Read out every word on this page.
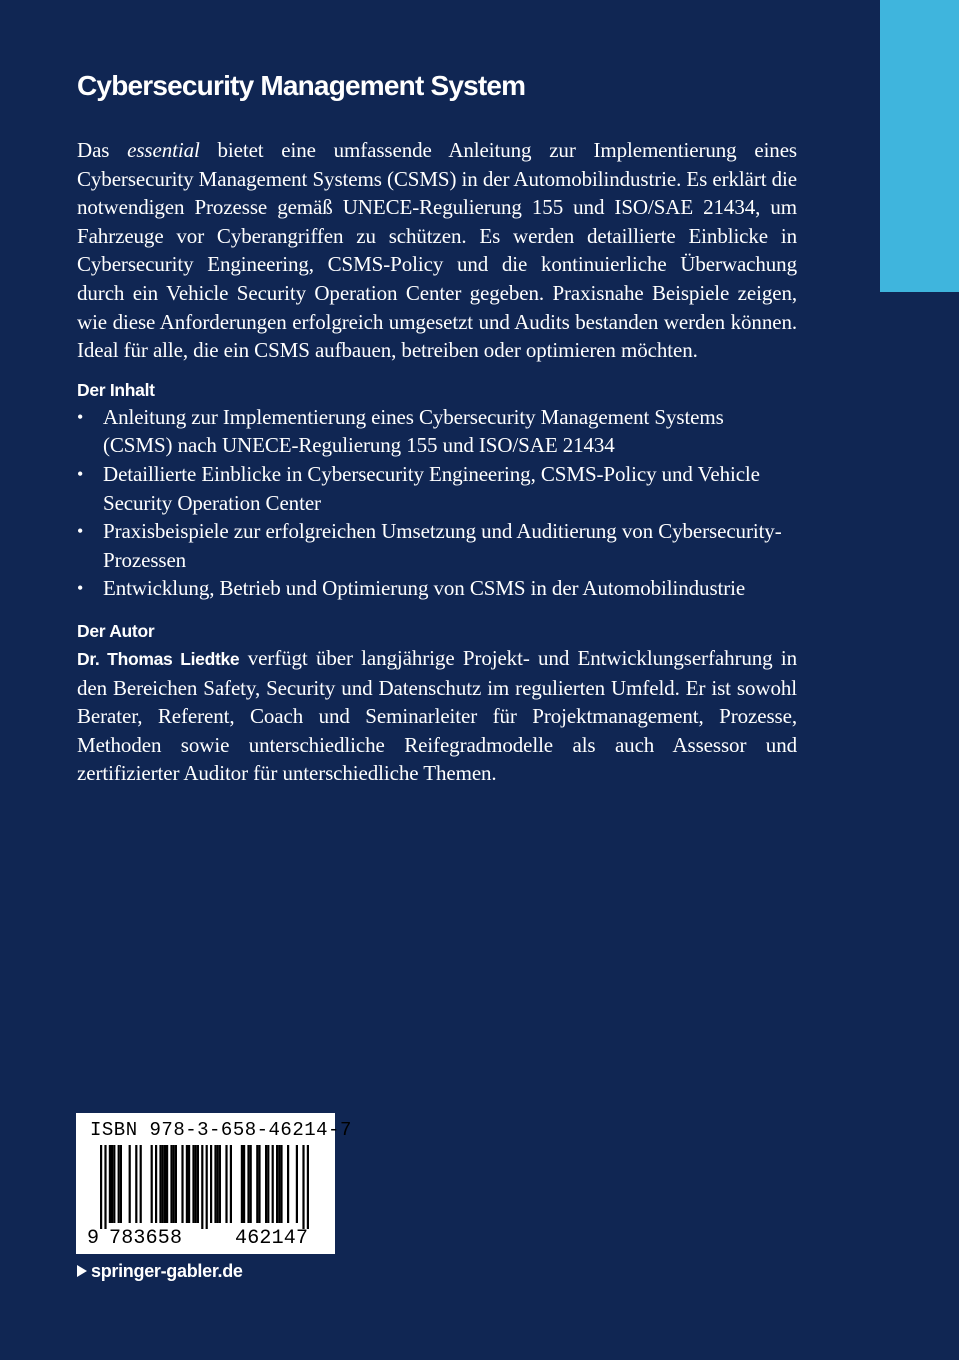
Cybersecurity Management System

Das essential bietet eine umfassende Anleitung zur Implementierung eines Cybersecurity Management Systems (CSMS) in der Automobilindustrie. Es erklärt die notwendigen Prozesse gemäß UNECE-Regulierung 155 und ISO/SAE 21434, um Fahrzeuge vor Cyberangriffen zu schützen. Es werden detaillierte Einblicke in Cybersecurity Engineering, CSMS-Policy und die kontinuierliche Überwachung durch ein Vehicle Security Operation Center gegeben. Praxisnahe Beispiele zeigen, wie diese Anforderungen erfolgreich umgesetzt und Audits bestanden werden können. Ideal für alle, die ein CSMS aufbauen, betreiben oder optimieren möchten.

Der Inhalt
• Anleitung zur Implementierung eines Cybersecurity Management Systems (CSMS) nach UNECE-Regulierung 155 und ISO/SAE 21434
• Detaillierte Einblicke in Cybersecurity Engineering, CSMS-Policy und Vehicle Security Operation Center
• Praxisbeispiele zur erfolgreichen Umsetzung und Auditierung von Cybersecurity-Prozessen
• Entwicklung, Betrieb und Optimierung von CSMS in der Automobilindustrie
Der Autor

Dr. Thomas Liedtke verfügt über langjährige Projekt- und Entwicklungserfahrung in den Bereichen Safety, Security und Datenschutz im regulierten Umfeld. Er ist sowohl Berater, Referent, Coach und Seminarleiter für Projektmanagement, Prozesse, Methoden sowie unterschiedliche Reifegradmodelle als auch Assessor und zertifizierter Auditor für unterschiedliche Themen.

ISBN 978-3-658-46214-7
9 783658	462147
springer-gabler.de
